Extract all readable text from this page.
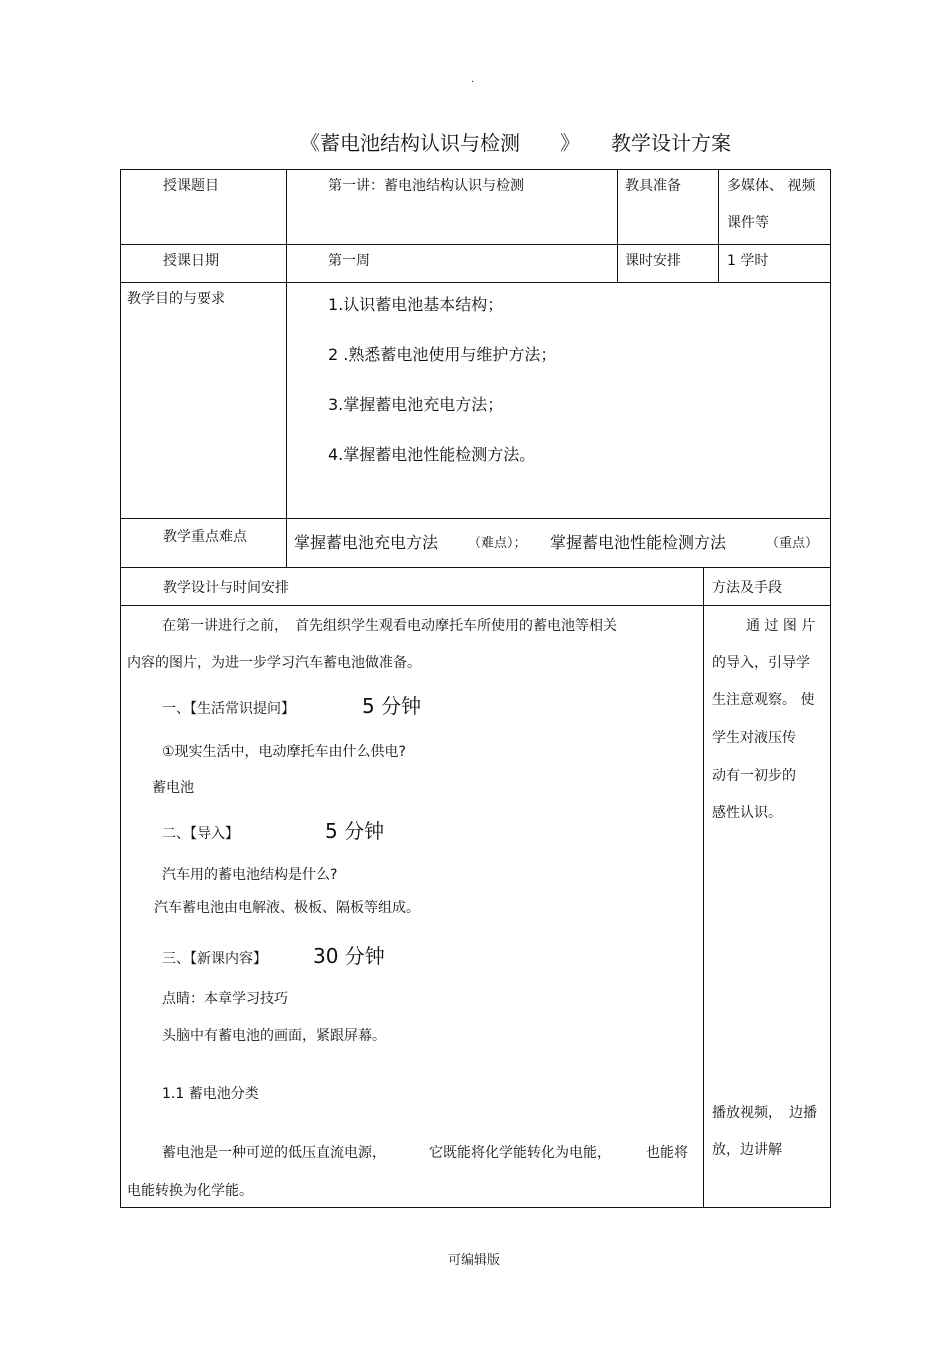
.
《蓄电池结构认识与检测　　》 教学设计方案
授课题目	第一讲：蓄电池结构认识与检测	教具准备	多媒体、 视频
课件等
授课日期	第一周	课时安排	1 学时
教学目的与要求	1.认识蓄电池基本结构；
2 .熟悉蓄电池使用与维护方法；
3.掌握蓄电池充电方法；
4.掌握蓄电池性能检测方法。
教学重点难点	掌握蓄电池充电方法 （难点）； 掌握蓄电池性能检测方法	（重点）
教学设计与时间安排	方法及手段
在第一讲进行之前，　首先组织学生观看电动摩托车所使用的蓄电池等相关
内容的图片，为进一步学习汽车蓄电池做准备。
一、【生活常识提问】	5 分钟
①现实生活中，电动摩托车由什么供电?
蓄电池
二、【导入】	5 分钟
汽车用的蓄电池结构是什么?
汽车蓄电池由电解液、极板、隔板等组成。
三、【新课内容】 30 分钟
点睛：本章学习技巧
头脑中有蓄电池的画面，紧跟屏幕。
1.1 蓄电池分类
蓄电池是一种可逆的低压直流电源，	它既能将化学能转化为电能，	也能将
电能转换为化学能。
通 过 图 片
的导入，引导学
生注意观察。 使
学生对液压传
动有一初步的
感性认识。
播放视频，　边播
放，边讲解
可编辑版
